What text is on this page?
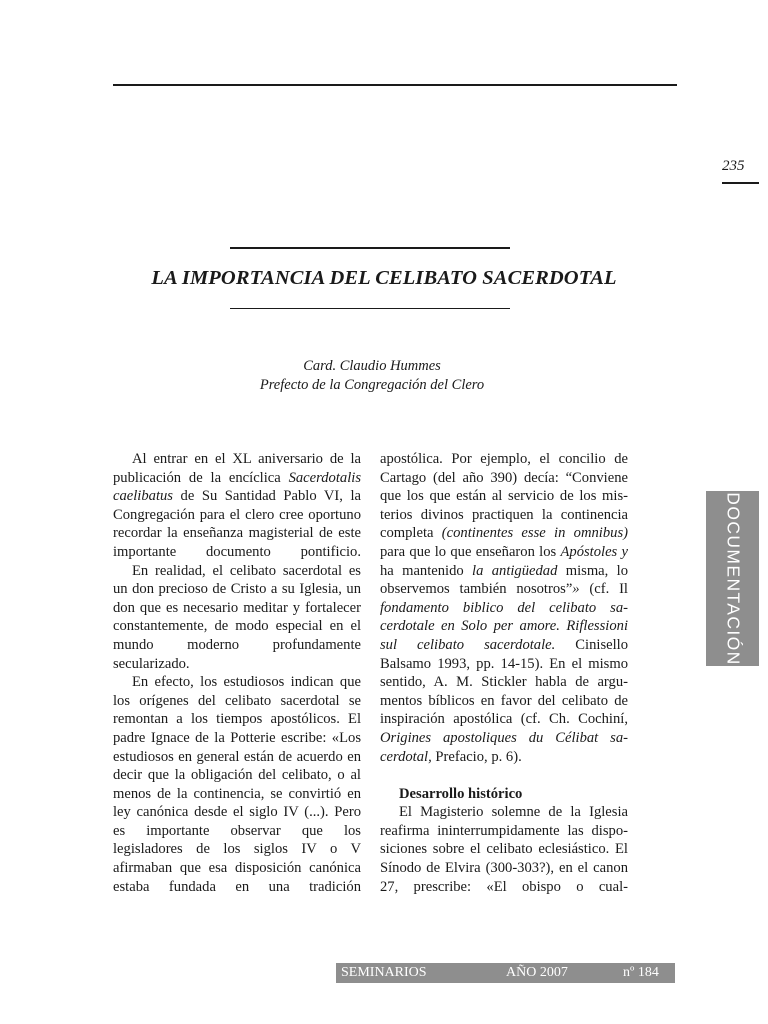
235
LA IMPORTANCIA DEL CELIBATO SACERDOTAL
Card. Claudio Hummes
Prefecto de la Congregación del Clero

Al entrar en el XL aniversario de la publicación de la encíclica Sacerdotalis caelibatus de Su Santidad Pablo VI, la Congregación para el clero cree oportuno recordar la enseñanza magisterial de este importante documento pontificio.

En realidad, el celibato sacerdotal es un don precioso de Cristo a su Iglesia, un don que es necesario meditar y fortalecer constantemente, de modo especial en el mundo moderno profundamente secularizado.

En efecto, los estudiosos indican que los orígenes del celibato sacerdotal se remontan a los tiempos apostólicos. El padre Ignace de la Potterie escribe: «Los estudiosos en general están de acuerdo en decir que la obligación del celibato, o al menos de la continencia, se convirtió en ley canónica desde el siglo IV (...). Pero es importante observar que los legisladores de los siglos IV o V afirmaban que esa disposición canónica estaba fundada en una tradición

apostólica. Por ejemplo, el concilio de Cartago (del año 390) decía: “Conviene que los que están al servicio de los misterios divinos practiquen la continencia completa (continentes esse in omnibus) para que lo que enseñaron los Apóstoles y ha mantenido la antigüedad misma, lo observemos también nosotros”» (cf. Il fondamento biblico del celibato sacerdotale en Solo per amore. Riflessioni sul celibato sacerdotale. Cinisello Balsamo 1993, pp. 14-15). En el mismo sentido, A. M. Stickler habla de argumentos bíblicos en favor del celibato de inspiración apostólica (cf. Ch. Cochiní, Origines apostoliques du Célibat sacerdotal, Prefacio, p. 6).

Desarrollo histórico

El Magisterio solemne de la Iglesia reafirma ininterrumpidamente las disposiciones sobre el celibato eclesiástico. El Sínodo de Elvira (300-303?), en el canon 27, prescribe: «El obispo o cual-

DOCUMENTACIÓN
SEMINARIOS	AÑO 2007	nº 184
